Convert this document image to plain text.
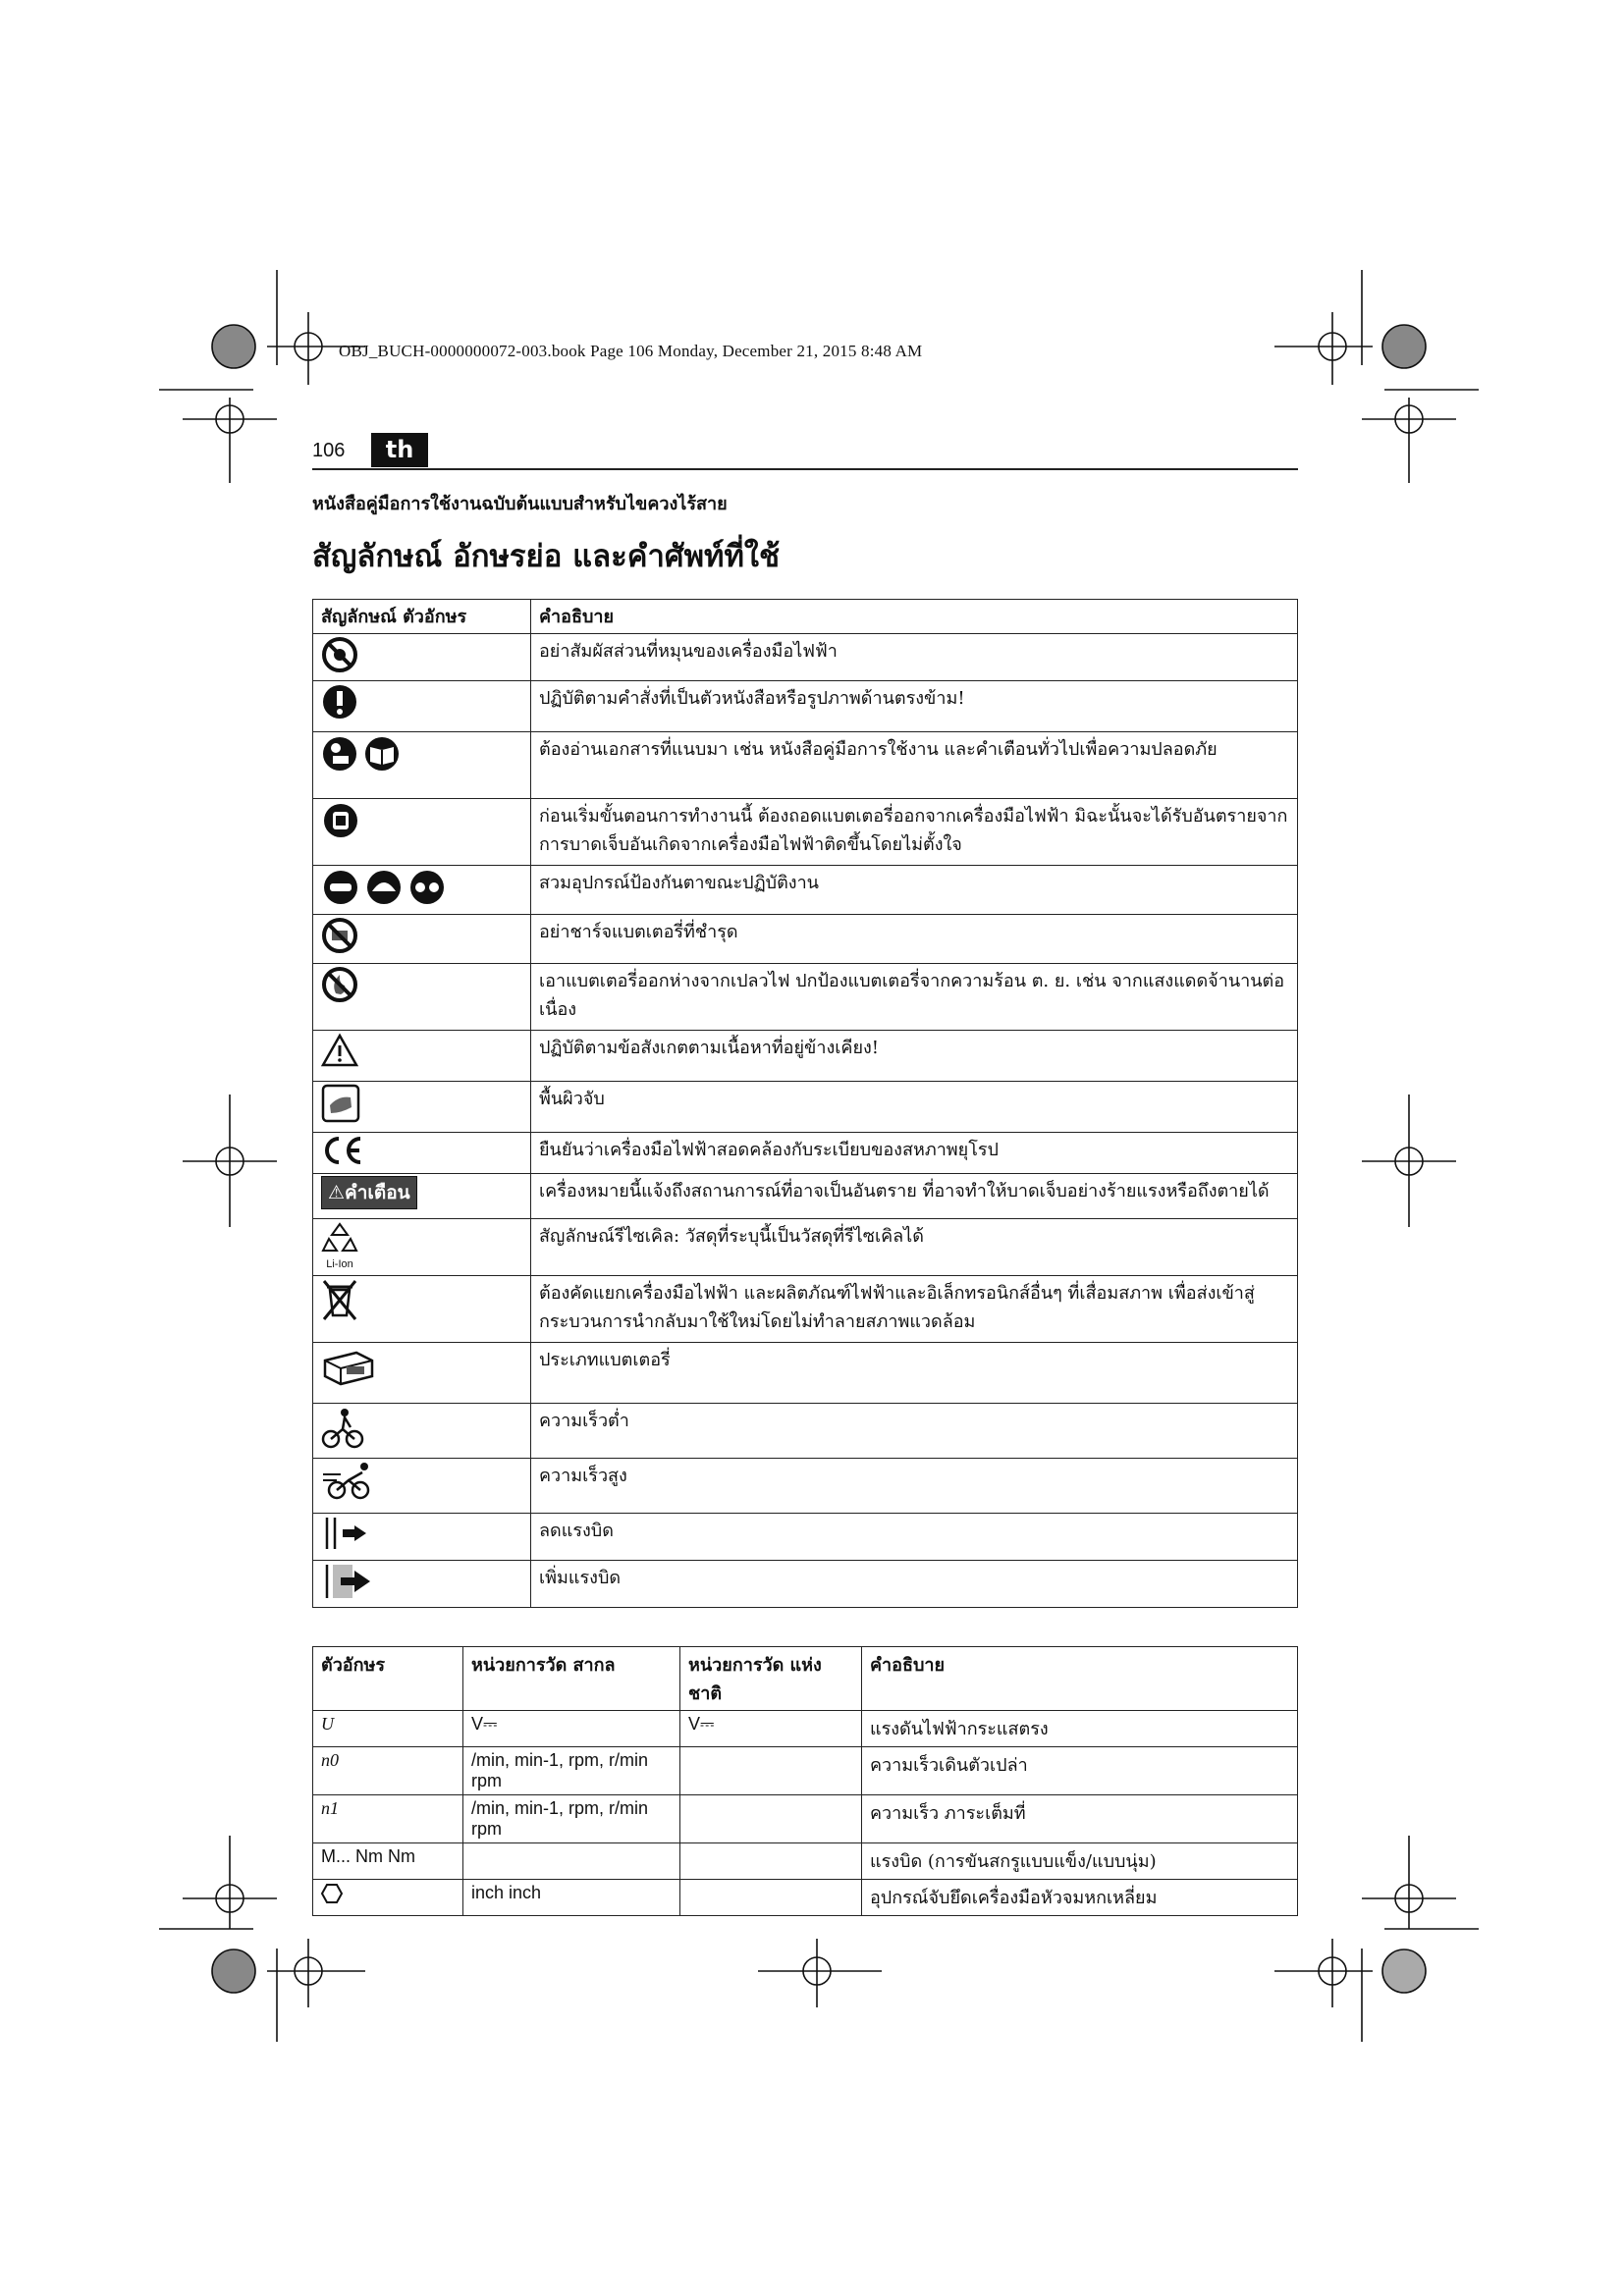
OBJ_BUCH-0000000072-003.book Page 106 Monday, December 21, 2015 8:48 AM
106	th
หนังสือคู่มือการใช้งานฉบับต้นแบบสำหรับไขควงไร้สาย
สัญลักษณ์ อักษรย่อ และคำศัพท์ที่ใช้
สัญลักษณ์ ตัวอักษร	คำอธิบาย
	อย่าสัมผัสส่วนที่หมุนของเครื่องมือไฟฟ้า
	ปฏิบัติตามคำสั่งที่เป็นตัวหนังสือหรือรูปภาพด้านตรงข้าม!
	ต้องอ่านเอกสารที่แนบมา เช่น หนังสือคู่มือการใช้งาน และคำเตือนทั่วไปเพื่อความปลอดภัย
	ก่อนเริ่มขั้นตอนการทำงานนี้ ต้องถอดแบตเตอรี่ออกจากเครื่องมือไฟฟ้า มิฉะนั้นจะได้รับอันตรายจากการบาดเจ็บอันเกิดจากเครื่องมือไฟฟ้าติดขึ้นโดยไม่ตั้งใจ
	สวมอุปกรณ์ป้องกันตาขณะปฏิบัติงาน
	อย่าชาร์จแบตเตอรี่ที่ชำรุด
	เอาแบตเตอรี่ออกห่างจากเปลวไฟ ปกป้องแบตเตอรี่จากความร้อน ต. ย. เช่น จากแสงแดดจ้านานต่อเนื่อง
	ปฏิบัติตามข้อสังเกตตามเนื้อหาที่อยู่ข้างเคียง!
	พื้นผิวจับ
	ยืนยันว่าเครื่องมือไฟฟ้าสอดคล้องกับระเบียบของสหภาพยุโรป
⚠คำเตือน	เครื่องหมายนี้แจ้งถึงสถานการณ์ที่อาจเป็นอันตราย ที่อาจทำให้บาดเจ็บอย่างร้ายแรงหรือถึงตายได้

Li-Ion	สัญลักษณ์รีไซเคิล: วัสดุที่ระบุนี้เป็นวัสดุที่รีไซเคิลได้
	ต้องคัดแยกเครื่องมือไฟฟ้า และผลิตภัณฑ์ไฟฟ้าและอิเล็กทรอนิกส์อื่นๆ ที่เสื่อมสภาพ เพื่อส่งเข้าสู่กระบวนการนำกลับมาใช้ใหม่โดยไม่ทำลายสภาพแวดล้อม
	ประเภทแบตเตอรี่
	ความเร็วต่ำ
	ความเร็วสูง
	ลดแรงบิด
	เพิ่มแรงบิด
ตัวอักษร	หน่วยการวัด สากล	หน่วยการวัด แห่งชาติ	คำอธิบาย
U	V⎓	V⎓	แรงดันไฟฟ้ากระแสตรง
n0	/min, min-1, rpm, r/min rpm		ความเร็วเดินตัวเปล่า
n1	/min, min-1, rpm, r/min rpm		ความเร็ว ภาระเต็มที่
M... Nm Nm			แรงบิด (การขันสกรูแบบแข็ง/แบบนุ่ม)
	inch inch		อุปกรณ์จับยึดเครื่องมือหัวจมหกเหลี่ยม
